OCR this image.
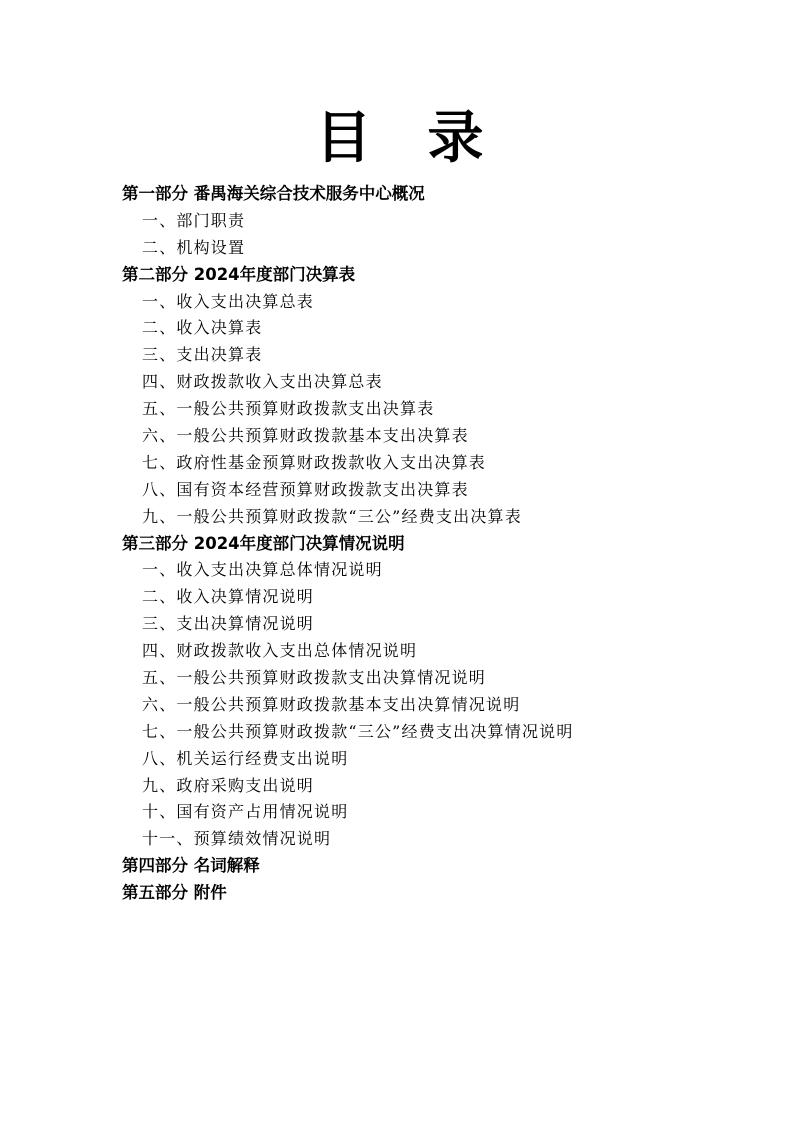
目 录
第一部分 番禺海关综合技术服务中心概况
一、部门职责
二、机构设置
第二部分 2024年度部门决算表
一、收入支出决算总表
二、收入决算表
三、支出决算表
四、财政拨款收入支出决算总表
五、一般公共预算财政拨款支出决算表
六、一般公共预算财政拨款基本支出决算表
七、政府性基金预算财政拨款收入支出决算表
八、国有资本经营预算财政拨款支出决算表
九、一般公共预算财政拨款“三公”经费支出决算表
第三部分 2024年度部门决算情况说明
一、收入支出决算总体情况说明
二、收入决算情况说明
三、支出决算情况说明
四、财政拨款收入支出总体情况说明
五、一般公共预算财政拨款支出决算情况说明
六、一般公共预算财政拨款基本支出决算情况说明
七、一般公共预算财政拨款“三公”经费支出决算情况说明
八、机关运行经费支出说明
九、政府采购支出说明
十、国有资产占用情况说明
十一、预算绩效情况说明
第四部分 名词解释
第五部分 附件
